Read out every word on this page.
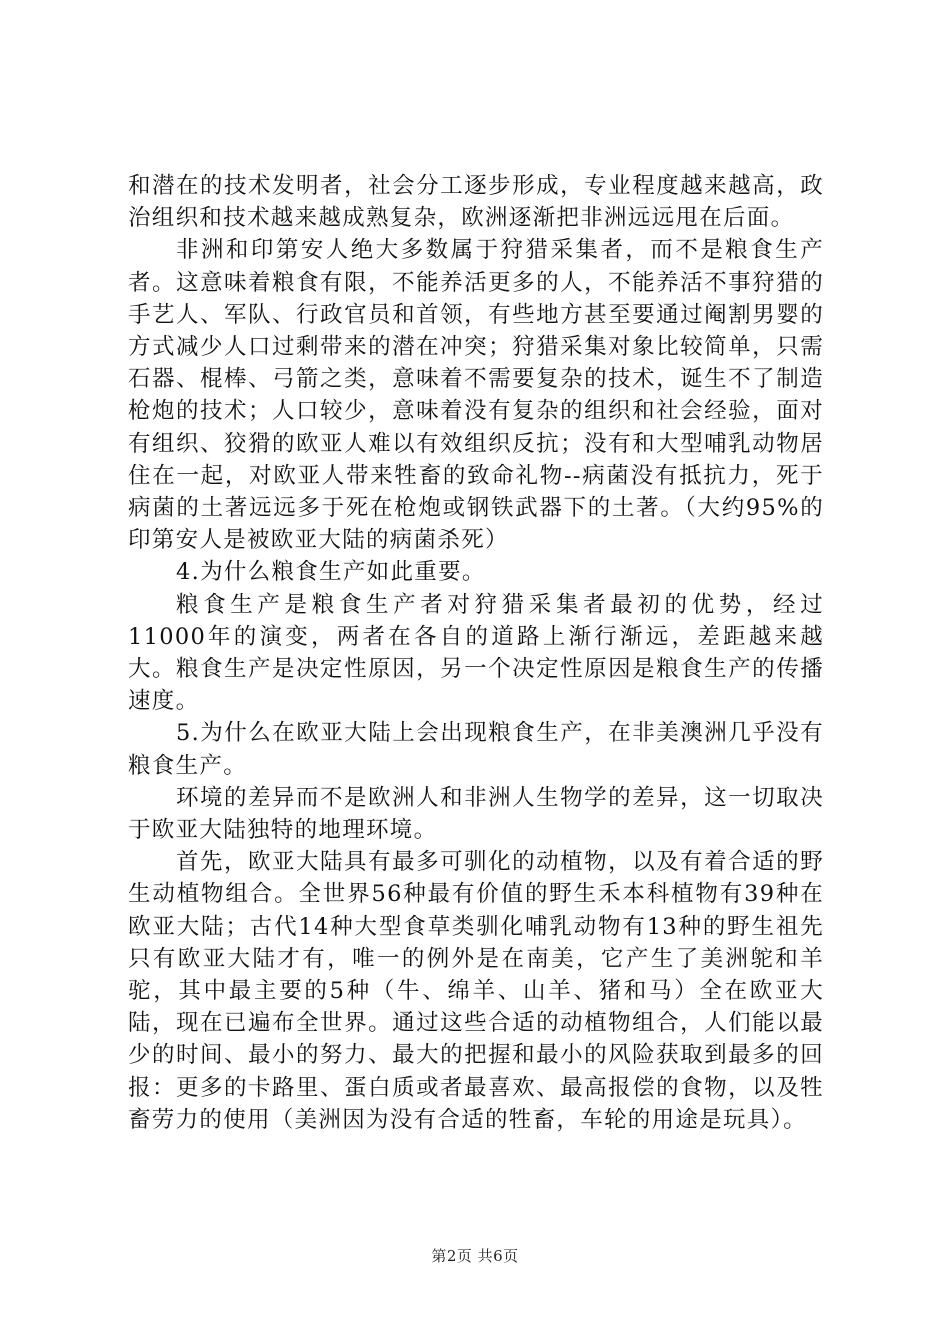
和潜在的技术发明者，社会分工逐步形成，专业程度越来越高，政治组织和技术越来越成熟复杂，欧洲逐渐把非洲远远甩在后面。

非洲和印第安人绝大多数属于狩猎采集者，而不是粮食生产者。这意味着粮食有限，不能养活更多的人，不能养活不事狩猎的手艺人、军队、行政官员和首领，有些地方甚至要通过阉割男婴的方式减少人口过剩带来的潜在冲突；狩猎采集对象比较简单，只需石器、棍棒、弓箭之类，意味着不需要复杂的技术，诞生不了制造枪炮的技术；人口较少，意味着没有复杂的组织和社会经验，面对有组织、狡猾的欧亚人难以有效组织反抗；没有和大型哺乳动物居住在一起，对欧亚人带来牲畜的致命礼物--病菌没有抵抗力，死于病菌的土著远远多于死在枪炮或钢铁武器下的土著。（大约95%的印第安人是被欧亚大陆的病菌杀死）

4.为什么粮食生产如此重要。

粮食生产是粮食生产者对狩猎采集者最初的优势，经过11000年的演变，两者在各自的道路上渐行渐远，差距越来越大。粮食生产是决定性原因，另一个决定性原因是粮食生产的传播速度。

5.为什么在欧亚大陆上会出现粮食生产，在非美澳洲几乎没有粮食生产。

环境的差异而不是欧洲人和非洲人生物学的差异，这一切取决于欧亚大陆独特的地理环境。

首先，欧亚大陆具有最多可驯化的动植物，以及有着合适的野生动植物组合。全世界56种最有价值的野生禾本科植物有39种在欧亚大陆；古代14种大型食草类驯化哺乳动物有13种的野生祖先只有欧亚大陆才有，唯一的例外是在南美，它产生了美洲鸵和羊驼，其中最主要的5种（牛、绵羊、山羊、猪和马）全在欧亚大陆，现在已遍布全世界。通过这些合适的动植物组合，人们能以最少的时间、最小的努力、最大的把握和最小的风险获取到最多的回报：更多的卡路里、蛋白质或者最喜欢、最高报偿的食物，以及牲畜劳力的使用（美洲因为没有合适的牲畜，车轮的用途是玩具）。

第2页 共6页
